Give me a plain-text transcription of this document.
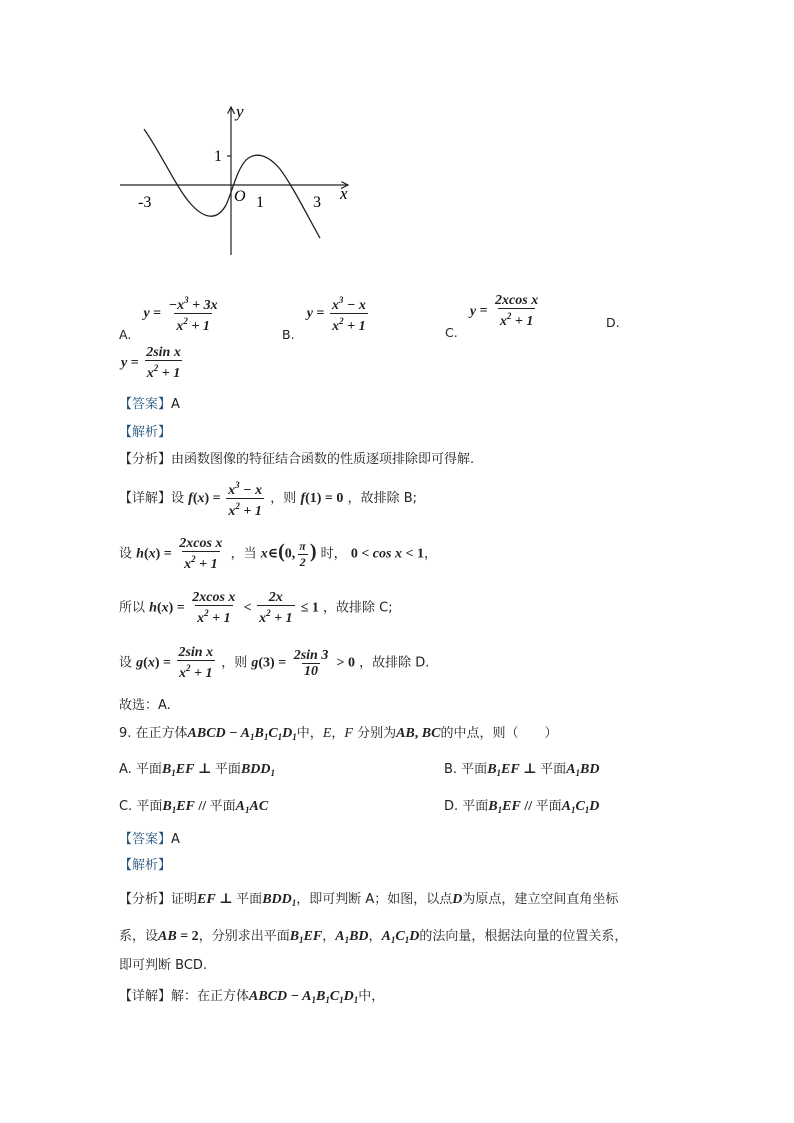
y
x
O
-3	1	3
1
A. $y = \frac{-x^3 + 3x}{x^2 + 1}$
B. $y = \frac{x^3 - x}{x^2 + 1}$	C. $y = \frac{\text{2xcos x}}{x^2 + 1}$	D.
$y = \frac{\text{2sin x}}{x^2 + 1}$
【答案】A
【解析】
【分析】由函数图像的特征结合函数的性质逐项排除即可得解.
【详解】设 $f(x) = \frac{x^3 - x}{x^2 + 1}$ ，则 f(1) = 0 ，故排除 B;
设 $h(x) = \frac{\text{2xcos x}}{x^2 + 1}$ ，当 x∈(0, $\frac{\pi}{2}$ ) 时， 0 < cos x < 1，
所以 $h(x) = \frac{\text{2xcos x}}{x^2 + 1} < \frac{2x}{x^2 + 1} \le 1$ ，故排除 C;
设 $g(x) = \frac{\text{2sin x}}{x^2 + 1}$ ，则 $g(3) = \frac{2\sin 3}{10} > 0$ ，故排除 D.
故选：A.
9. 在正方体ABCD − $A_1B_1C_1D_1$中，E，F 分别为AB, BC的中点，则（　　）
A. 平面$B_1EF$ ⊥ 平面$BDD_1$	B. 平面$B_1EF$ ⊥ 平面$A_1BD$
C. 平面$B_1EF$ // 平面$A_1AC$	D. 平面$B_1EF$ // 平面$A_1C_1D$
【答案】A
【解析】
【分析】证明EF ⊥ 平面$BDD_1$，即可判断 A；如图，以点D为原点，建立空间直角坐标
系，设AB = 2，分别求出平面$B_1EF$，$A_1BD$，$A_1C_1D$的法向量，根据法向量的位置关系，
即可判断 BCD.
【详解】解：在正方体ABCD − $A_1B_1C_1D_1$中，
